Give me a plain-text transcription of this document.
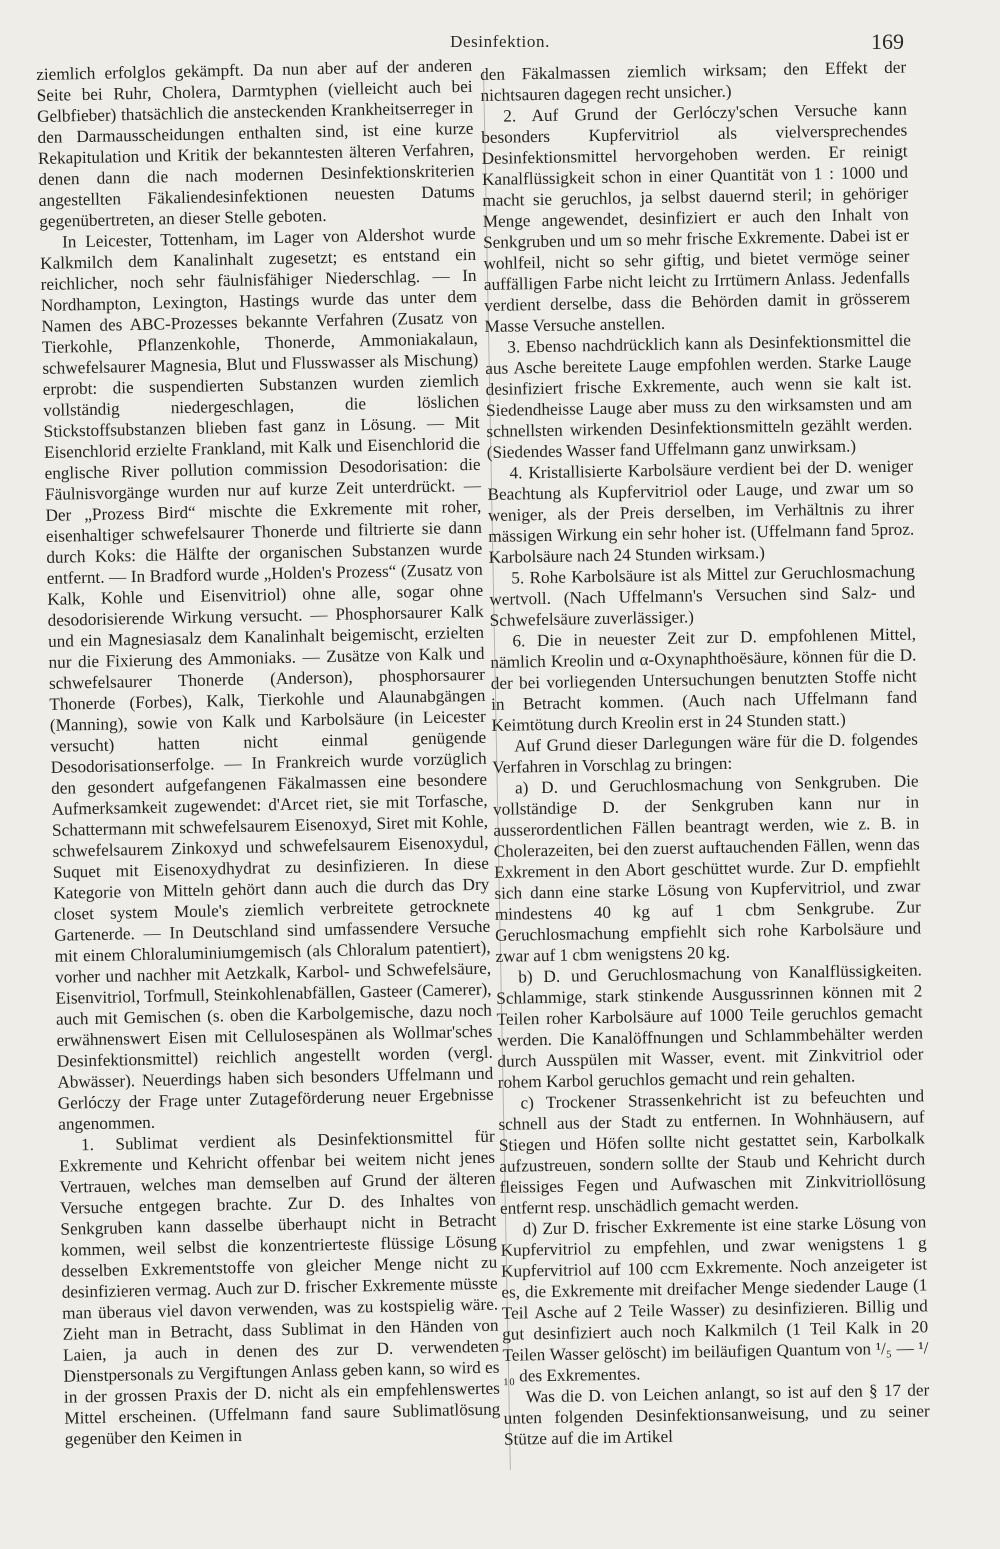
Desinfektion.	169

ziemlich erfolglos gekämpft. Da nun aber auf der anderen Seite bei Ruhr, Cholera, Darmtyphen (vielleicht auch bei Gelbfieber) thatsächlich die ansteckenden Krankheitserreger in den Darmausscheidungen enthalten sind, ist eine kurze Rekapitulation und Kritik der bekanntesten älteren Verfahren, denen dann die nach modernen Desinfektionskriterien angestellten Fäkaliendesinfektionen neuesten Datums gegenübertreten, an dieser Stelle geboten.

In Leicester, Tottenham, im Lager von Aldershot wurde Kalkmilch dem Kanalinhalt zugesetzt; es entstand ein reichlicher, noch sehr fäulnisfähiger Niederschlag. — In Nordhampton, Lexington, Hastings wurde das unter dem Namen des ABC-Prozesses bekannte Verfahren (Zusatz von Tierkohle, Pflanzenkohle, Thonerde, Ammoniakalaun, schwefelsaurer Magnesia, Blut und Flusswasser als Mischung) erprobt: die suspendierten Substanzen wurden ziemlich vollständig niedergeschlagen, die löslichen Stickstoffsubstanzen blieben fast ganz in Lösung. — Mit Eisenchlorid erzielte Frankland, mit Kalk und Eisenchlorid die englische River pollution commission Desodorisation: die Fäulnisvorgänge wurden nur auf kurze Zeit unterdrückt. — Der „Prozess Bird“ mischte die Exkremente mit roher, eisenhaltiger schwefelsaurer Thonerde und filtrierte sie dann durch Koks: die Hälfte der organischen Substanzen wurde entfernt. — In Bradford wurde „Holden's Prozess“ (Zusatz von Kalk, Kohle und Eisenvitriol) ohne alle, sogar ohne desodorisierende Wirkung versucht. — Phosphorsaurer Kalk und ein Magnesiasalz dem Kanalinhalt beigemischt, erzielten nur die Fixierung des Ammoniaks. — Zusätze von Kalk und schwefelsaurer Thonerde (Anderson), phosphorsaurer Thonerde (Forbes), Kalk, Tierkohle und Alaunabgängen (Manning), sowie von Kalk und Karbolsäure (in Leicester versucht) hatten nicht einmal genügende Desodorisationserfolge. — In Frankreich wurde vorzüglich den gesondert aufgefangenen Fäkalmassen eine besondere Aufmerksamkeit zugewendet: d'Arcet riet, sie mit Torfasche, Schattermann mit schwefelsaurem Eisenoxyd, Siret mit Kohle, schwefelsaurem Zinkoxyd und schwefelsaurem Eisenoxydul, Suquet mit Eisenoxydhydrat zu desinfizieren. In diese Kategorie von Mitteln gehört dann auch die durch das Dry closet system Moule's ziemlich verbreitete getrocknete Gartenerde. — In Deutschland sind umfassendere Versuche mit einem Chloraluminiumgemisch (als Chloralum patentiert), vorher und nachher mit Aetzkalk, Karbol- und Schwefelsäure, Eisenvitriol, Torfmull, Steinkohlenabfällen, Gasteer (Camerer), auch mit Gemischen (s. oben die Karbolgemische, dazu noch erwähnenswert Eisen mit Cellulosespänen als Wollmar'sches Desinfektionsmittel) reichlich angestellt worden (vergl. Abwässer). Neuerdings haben sich besonders Uffelmann und Gerlóczy der Frage unter Zutageförderung neuer Ergebnisse angenommen.

1. Sublimat verdient als Desinfektionsmittel für Exkremente und Kehricht offenbar bei weitem nicht jenes Vertrauen, welches man demselben auf Grund der älteren Versuche entgegen brachte. Zur D. des Inhaltes von Senkgruben kann dasselbe überhaupt nicht in Betracht kommen, weil selbst die konzentrierteste flüssige Lösung desselben Exkrementstoffe von gleicher Menge nicht zu desinfizieren vermag. Auch zur D. frischer Exkremente müsste man überaus viel davon verwenden, was zu kostspielig wäre. Zieht man in Betracht, dass Sublimat in den Händen von Laien, ja auch in denen des zur D. verwendeten Dienstpersonals zu Vergiftungen Anlass geben kann, so wird es in der grossen Praxis der D. nicht als ein empfehlenswertes Mittel erscheinen. (Uffelmann fand saure Sublimatlösung gegenüber den Keimen in

den Fäkalmassen ziemlich wirksam; den Effekt der nichtsauren dagegen recht unsicher.)

2. Auf Grund der Gerlóczy'schen Versuche kann besonders Kupfervitriol als vielversprechendes Desinfektionsmittel hervorgehoben werden. Er reinigt Kanalflüssigkeit schon in einer Quantität von 1 : 1000 und macht sie geruchlos, ja selbst dauernd steril; in gehöriger Menge angewendet, desinfiziert er auch den Inhalt von Senkgruben und um so mehr frische Exkremente. Dabei ist er wohlfeil, nicht so sehr giftig, und bietet vermöge seiner auffälligen Farbe nicht leicht zu Irrtümern Anlass. Jedenfalls verdient derselbe, dass die Behörden damit in grösserem Masse Versuche anstellen.

3. Ebenso nachdrücklich kann als Desinfektionsmittel die aus Asche bereitete Lauge empfohlen werden. Starke Lauge desinfiziert frische Exkremente, auch wenn sie kalt ist. Siedendheisse Lauge aber muss zu den wirksamsten und am schnellsten wirkenden Desinfektionsmitteln gezählt werden. (Siedendes Wasser fand Uffelmann ganz unwirksam.)

4. Kristallisierte Karbolsäure verdient bei der D. weniger Beachtung als Kupfervitriol oder Lauge, und zwar um so weniger, als der Preis derselben, im Verhältnis zu ihrer mässigen Wirkung ein sehr hoher ist. (Uffelmann fand 5proz. Karbolsäure nach 24 Stunden wirksam.)

5. Rohe Karbolsäure ist als Mittel zur Geruchlosmachung wertvoll. (Nach Uffelmann's Versuchen sind Salz- und Schwefelsäure zuverlässiger.)

6. Die in neuester Zeit zur D. empfohlenen Mittel, nämlich Kreolin und α-Oxynaphthoësäure, können für die D. der bei vorliegenden Untersuchungen benutzten Stoffe nicht in Betracht kommen. (Auch nach Uffelmann fand Keimtötung durch Kreolin erst in 24 Stunden statt.)

Auf Grund dieser Darlegungen wäre für die D. folgendes Verfahren in Vorschlag zu bringen:

a) D. und Geruchlosmachung von Senkgruben. Die vollständige D. der Senkgruben kann nur in ausserordentlichen Fällen beantragt werden, wie z. B. in Cholerazeiten, bei den zuerst auftauchenden Fällen, wenn das Exkrement in den Abort geschüttet wurde. Zur D. empfiehlt sich dann eine starke Lösung von Kupfervitriol, und zwar mindestens 40 kg auf 1 cbm Senkgrube. Zur Geruchlosmachung empfiehlt sich rohe Karbolsäure und zwar auf 1 cbm wenigstens 20 kg.

b) D. und Geruchlosmachung von Kanalflüssigkeiten. Schlammige, stark stinkende Ausgussrinnen können mit 2 Teilen roher Karbolsäure auf 1000 Teile geruchlos gemacht werden. Die Kanalöffnungen und Schlammbehälter werden durch Ausspülen mit Wasser, event. mit Zinkvitriol oder rohem Karbol geruchlos gemacht und rein gehalten.

c) Trockener Strassenkehricht ist zu befeuchten und schnell aus der Stadt zu entfernen. In Wohnhäusern, auf Stiegen und Höfen sollte nicht gestattet sein, Karbolkalk aufzustreuen, sondern sollte der Staub und Kehricht durch fleissiges Fegen und Aufwaschen mit Zinkvitriollösung entfernt resp. unschädlich gemacht werden.

d) Zur D. frischer Exkremente ist eine starke Lösung von Kupfervitriol zu empfehlen, und zwar wenigstens 1 g Kupfervitriol auf 100 ccm Exkremente. Noch anzeigeter ist es, die Exkremente mit dreifacher Menge siedender Lauge (1 Teil Asche auf 2 Teile Wasser) zu desinfizieren. Billig und gut desinfiziert auch noch Kalkmilch (1 Teil Kalk in 20 Teilen Wasser gelöscht) im beiläufigen Quantum von ¹/₅ — ¹/₁₀ des Exkrementes.

Was die D. von Leichen anlangt, so ist auf den § 17 der unten folgenden Desinfektionsanweisung, und zu seiner Stütze auf die im Artikel
